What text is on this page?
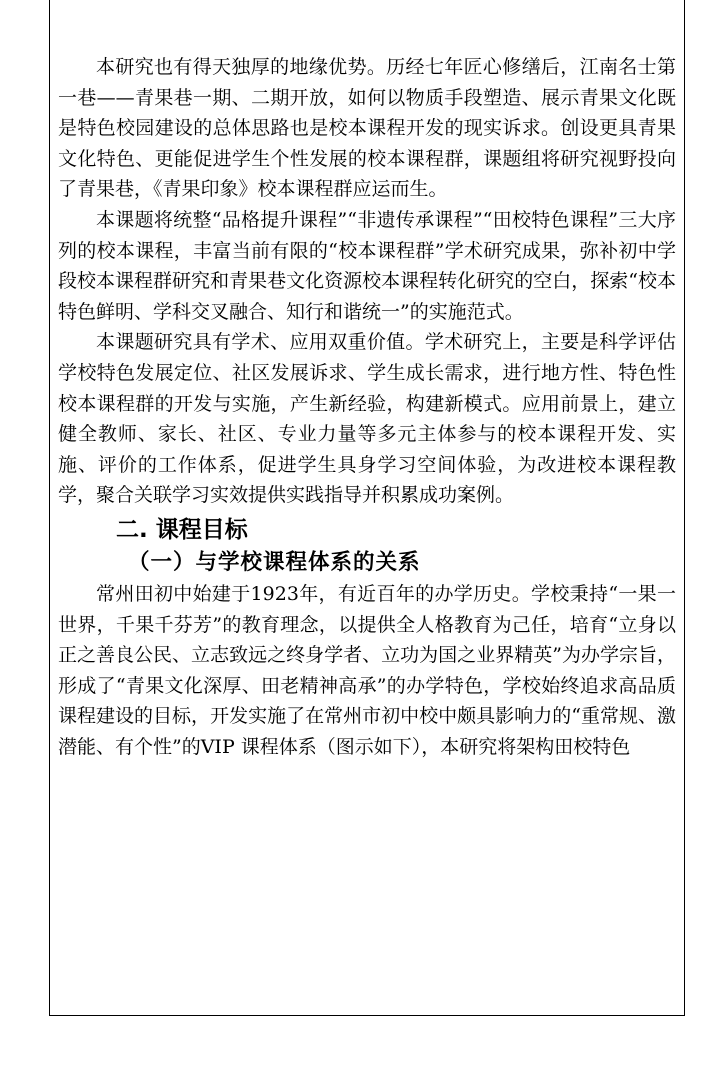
本研究也有得天独厚的地缘优势。历经七年匠心修缮后，江南名士第一巷——青果巷一期、二期开放，如何以物质手段塑造、展示青果文化既是特色校园建设的总体思路也是校本课程开发的现实诉求。创设更具青果文化特色、更能促进学生个性发展的校本课程群，课题组将研究视野投向了青果巷，《青果印象》校本课程群应运而生。

本课题将统整“品格提升课程”“非遗传承课程”“田校特色课程”三大序列的校本课程，丰富当前有限的“校本课程群”学术研究成果，弥补初中学段校本课程群研究和青果巷文化资源校本课程转化研究的空白，探索“校本特色鲜明、学科交叉融合、知行和谐统一”的实施范式。

本课题研究具有学术、应用双重价值。学术研究上，主要是科学评估学校特色发展定位、社区发展诉求、学生成长需求，进行地方性、特色性校本课程群的开发与实施，产生新经验，构建新模式。应用前景上，建立健全教师、家长、社区、专业力量等多元主体参与的校本课程开发、实施、评价的工作体系，促进学生具身学习空间体验，为改进校本课程教学，聚合关联学习实效提供实践指导并积累成功案例。

二. 课程目标
（一）与学校课程体系的关系

常州田初中始建于1923年，有近百年的办学历史。学校秉持“一果一世界，千果千芬芳”的教育理念，以提供全人格教育为己任，培育“立身以正之善良公民、立志致远之终身学者、立功为国之业界精英”为办学宗旨，形成了“青果文化深厚、田老精神高承”的办学特色，学校始终追求高品质课程建设的目标，开发实施了在常州市初中校中颇具影响力的“重常规、激潜能、有个性”的VIP 课程体系（图示如下），本研究将架构田校特色
